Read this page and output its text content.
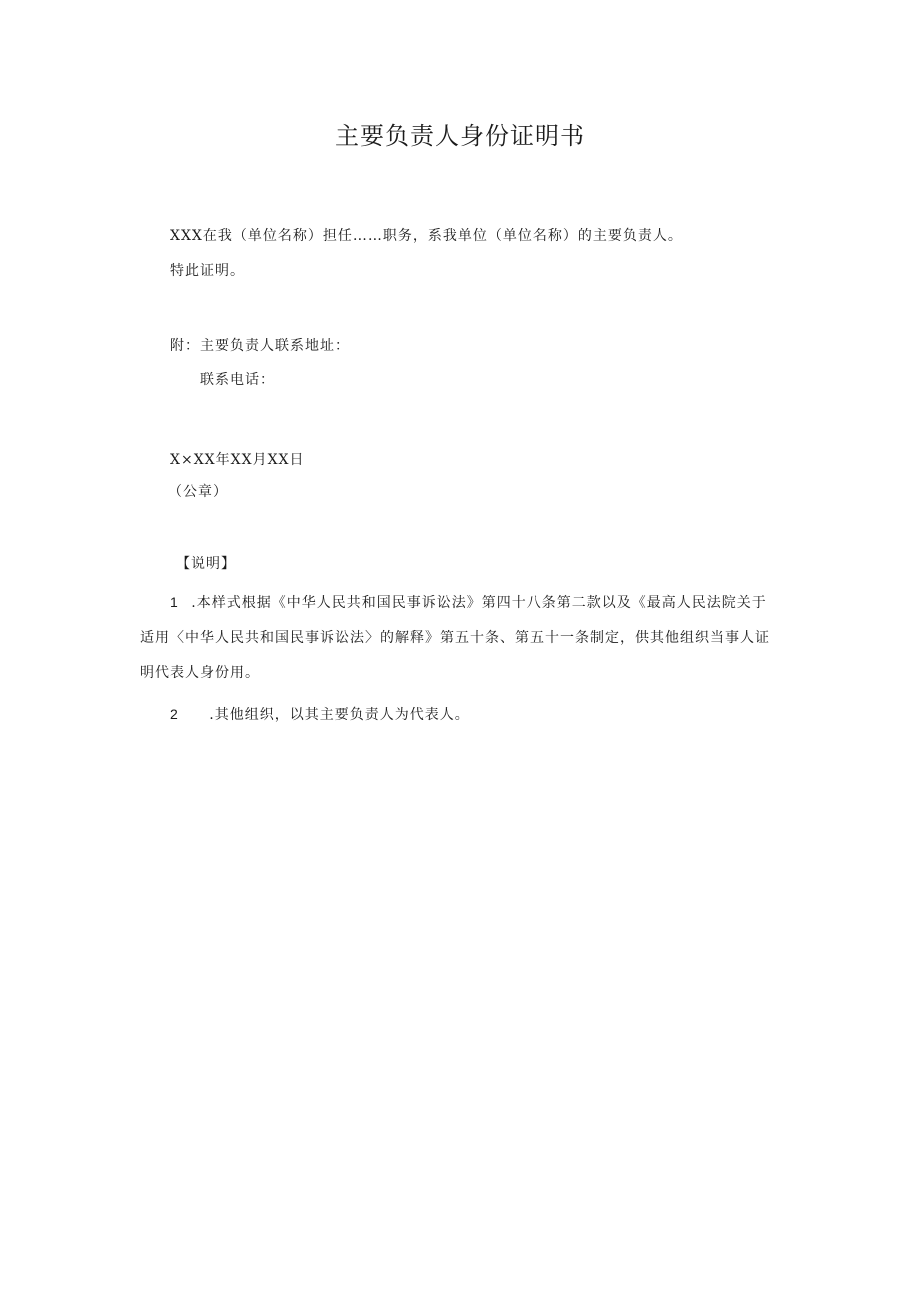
主要负责人身份证明书
XXX在我（单位名称）担任……职务，系我单位（单位名称）的主要负责人。
特此证明。
附：主要负责人联系地址：
联系电话：
X×XX年XX月XX日
（公章）
【说明】
1 .本样式根据《中华人民共和国民事诉讼法》第四十八条第二款以及《最高人民法院关于
适用〈中华人民共和国民事诉讼法〉的解释》第五十条、第五十一条制定，供其他组织当事人证
明代表人身份用。
2 .其他组织，以其主要负责人为代表人。
